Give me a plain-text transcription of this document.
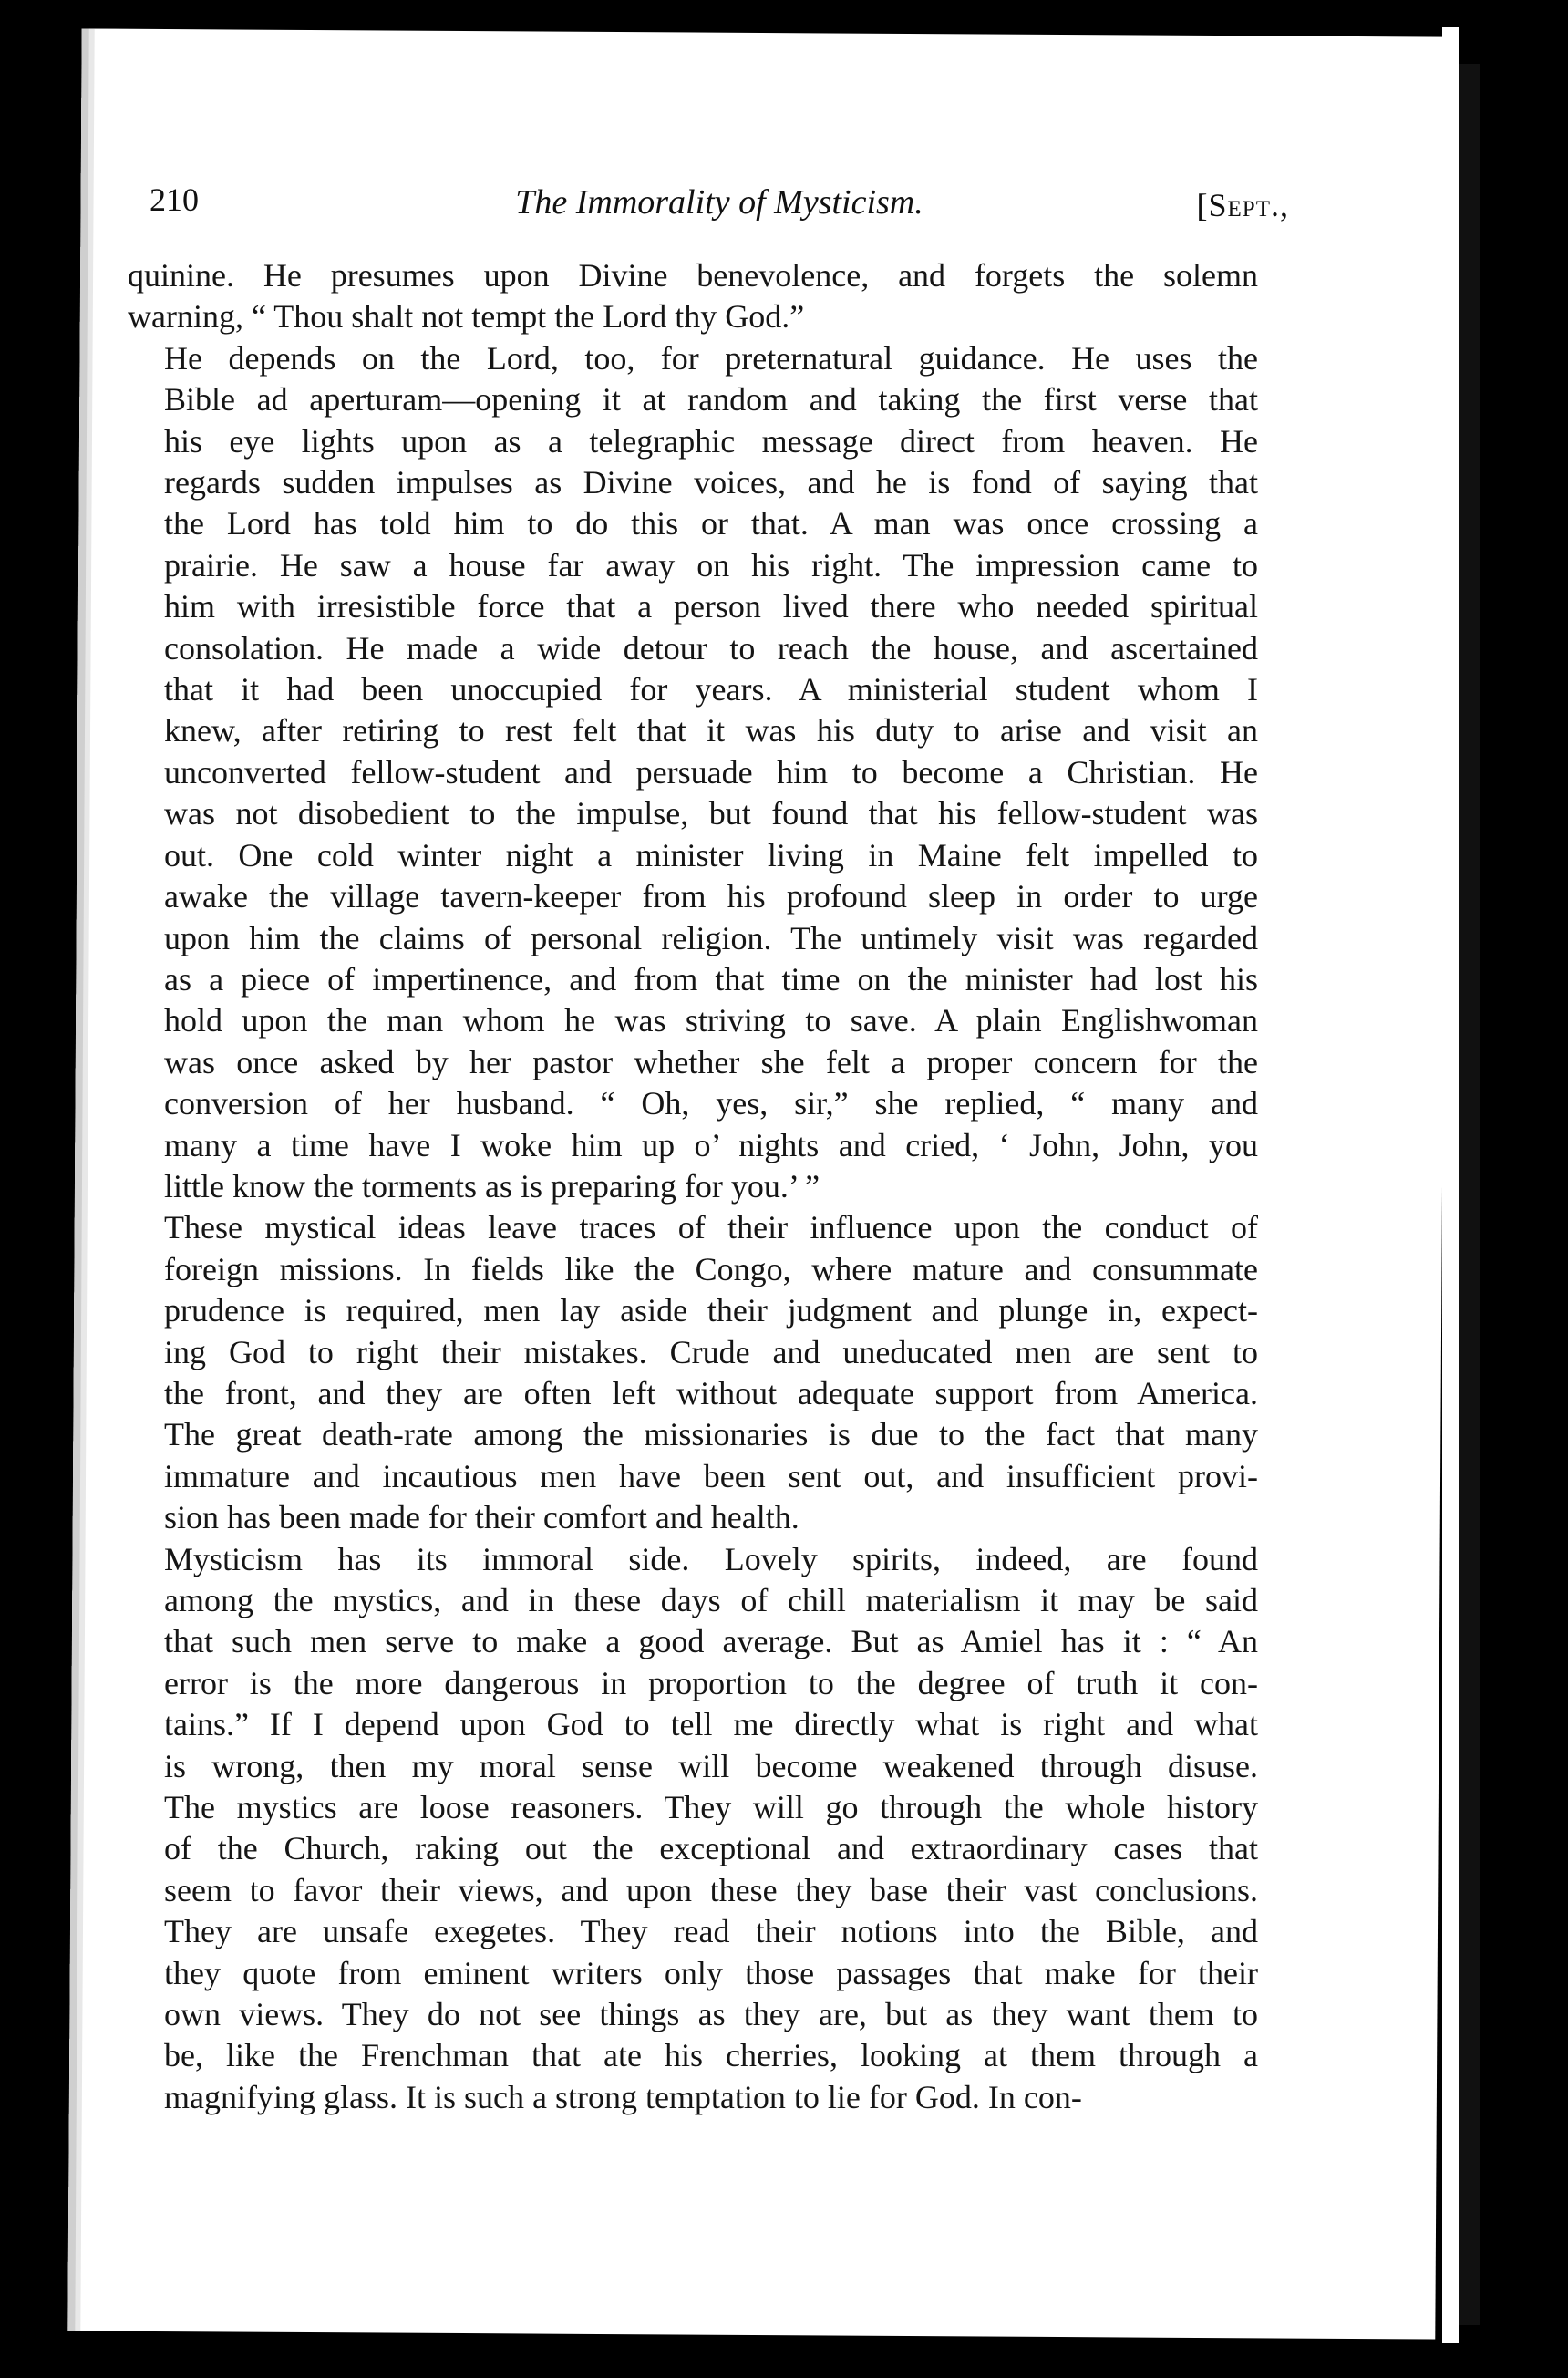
210	The Immorality of Mysticism.	[Sept.,
quinine. He presumes upon Divine benevolence, and forgets the solemn
warning, “ Thou shalt not tempt the Lord thy God.”
He depends on the Lord, too, for preternatural guidance. He uses the
Bible ad aperturam—opening it at random and taking the first verse that
his eye lights upon as a telegraphic message direct from heaven. He
regards sudden impulses as Divine voices, and he is fond of saying that
the Lord has told him to do this or that. A man was once crossing a
prairie. He saw a house far away on his right. The impression came to
him with irresistible force that a person lived there who needed spiritual
consolation. He made a wide detour to reach the house, and ascertained
that it had been unoccupied for years. A ministerial student whom I
knew, after retiring to rest felt that it was his duty to arise and visit an
unconverted fellow-student and persuade him to become a Christian. He
was not disobedient to the impulse, but found that his fellow-student was
out. One cold winter night a minister living in Maine felt impelled to
awake the village tavern-keeper from his profound sleep in order to urge
upon him the claims of personal religion. The untimely visit was regarded
as a piece of impertinence, and from that time on the minister had lost his
hold upon the man whom he was striving to save. A plain Englishwoman
was once asked by her pastor whether she felt a proper concern for the
conversion of her husband. “ Oh, yes, sir,” she replied, “ many and
many a time have I woke him up o’ nights and cried, ‘ John, John, you
little know the torments as is preparing for you.’ ”
These mystical ideas leave traces of their influence upon the conduct of
foreign missions. In fields like the Congo, where mature and consummate
prudence is required, men lay aside their judgment and plunge in, expect-
ing God to right their mistakes. Crude and uneducated men are sent to
the front, and they are often left without adequate support from America.
The great death-rate among the missionaries is due to the fact that many
immature and incautious men have been sent out, and insufficient provi-
sion has been made for their comfort and health.
Mysticism has its immoral side. Lovely spirits, indeed, are found
among the mystics, and in these days of chill materialism it may be said
that such men serve to make a good average. But as Amiel has it : “ An
error is the more dangerous in proportion to the degree of truth it con-
tains.” If I depend upon God to tell me directly what is right and what
is wrong, then my moral sense will become weakened through disuse.
The mystics are loose reasoners. They will go through the whole history
of the Church, raking out the exceptional and extraordinary cases that
seem to favor their views, and upon these they base their vast conclusions.
They are unsafe exegetes. They read their notions into the Bible, and
they quote from eminent writers only those passages that make for their
own views. They do not see things as they are, but as they want them to
be, like the Frenchman that ate his cherries, looking at them through a
magnifying glass. It is such a strong temptation to lie for God. In con-
